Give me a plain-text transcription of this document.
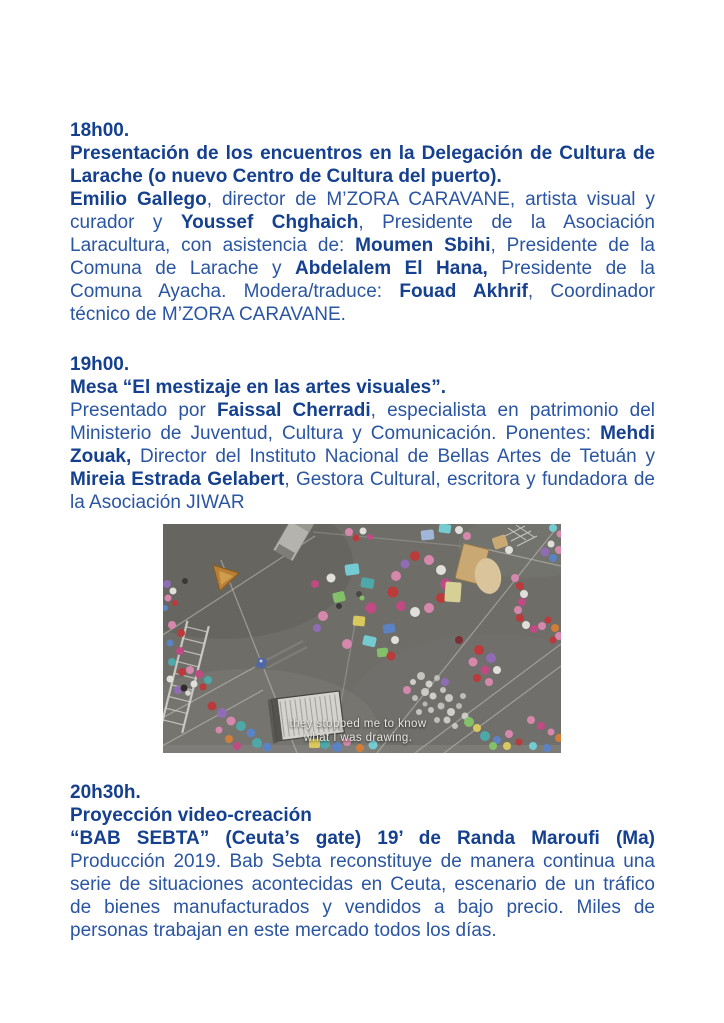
18h00.

Presentación de los encuentros en la Delegación de Cultura de Larache (o nuevo Centro de Cultura del puerto).

Emilio Gallego, director de M’ZORA CARAVANE, artista visual y curador y Youssef Chghaich, Presidente de la Asociación Laracultura, con asistencia de: Moumen Sbihi, Presidente de la Comuna de Larache y Abdelalem El Hana, Presidente de la Comuna Ayacha. Modera/traduce: Fouad Akhrif, Coordinador técnico de M’ZORA CARAVANE.

19h00.

Mesa “El mestizaje en las artes visuales”.

Presentado por Faissal Cherradi, especialista en patrimonio del Ministerio de Juventud, Cultura y Comunicación. Ponentes: Mehdi Zouak, Director del Instituto Nacional de Bellas Artes de Tetuán y Mireia Estrada Gelabert, Gestora Cultural, escritora y fundadora de la Asociación JIWAR

they stopped me to know
what I was drawing.

20h30h.

Proyección video-creación

“BAB SEBTA” (Ceuta’s gate) 19’ de Randa Maroufi (Ma)

Producción 2019. Bab Sebta reconstituye de manera continua una serie de situaciones acontecidas en Ceuta, escenario de un tráfico de bienes manufacturados y vendidos a bajo precio. Miles de personas trabajan en este mercado todos los días.
